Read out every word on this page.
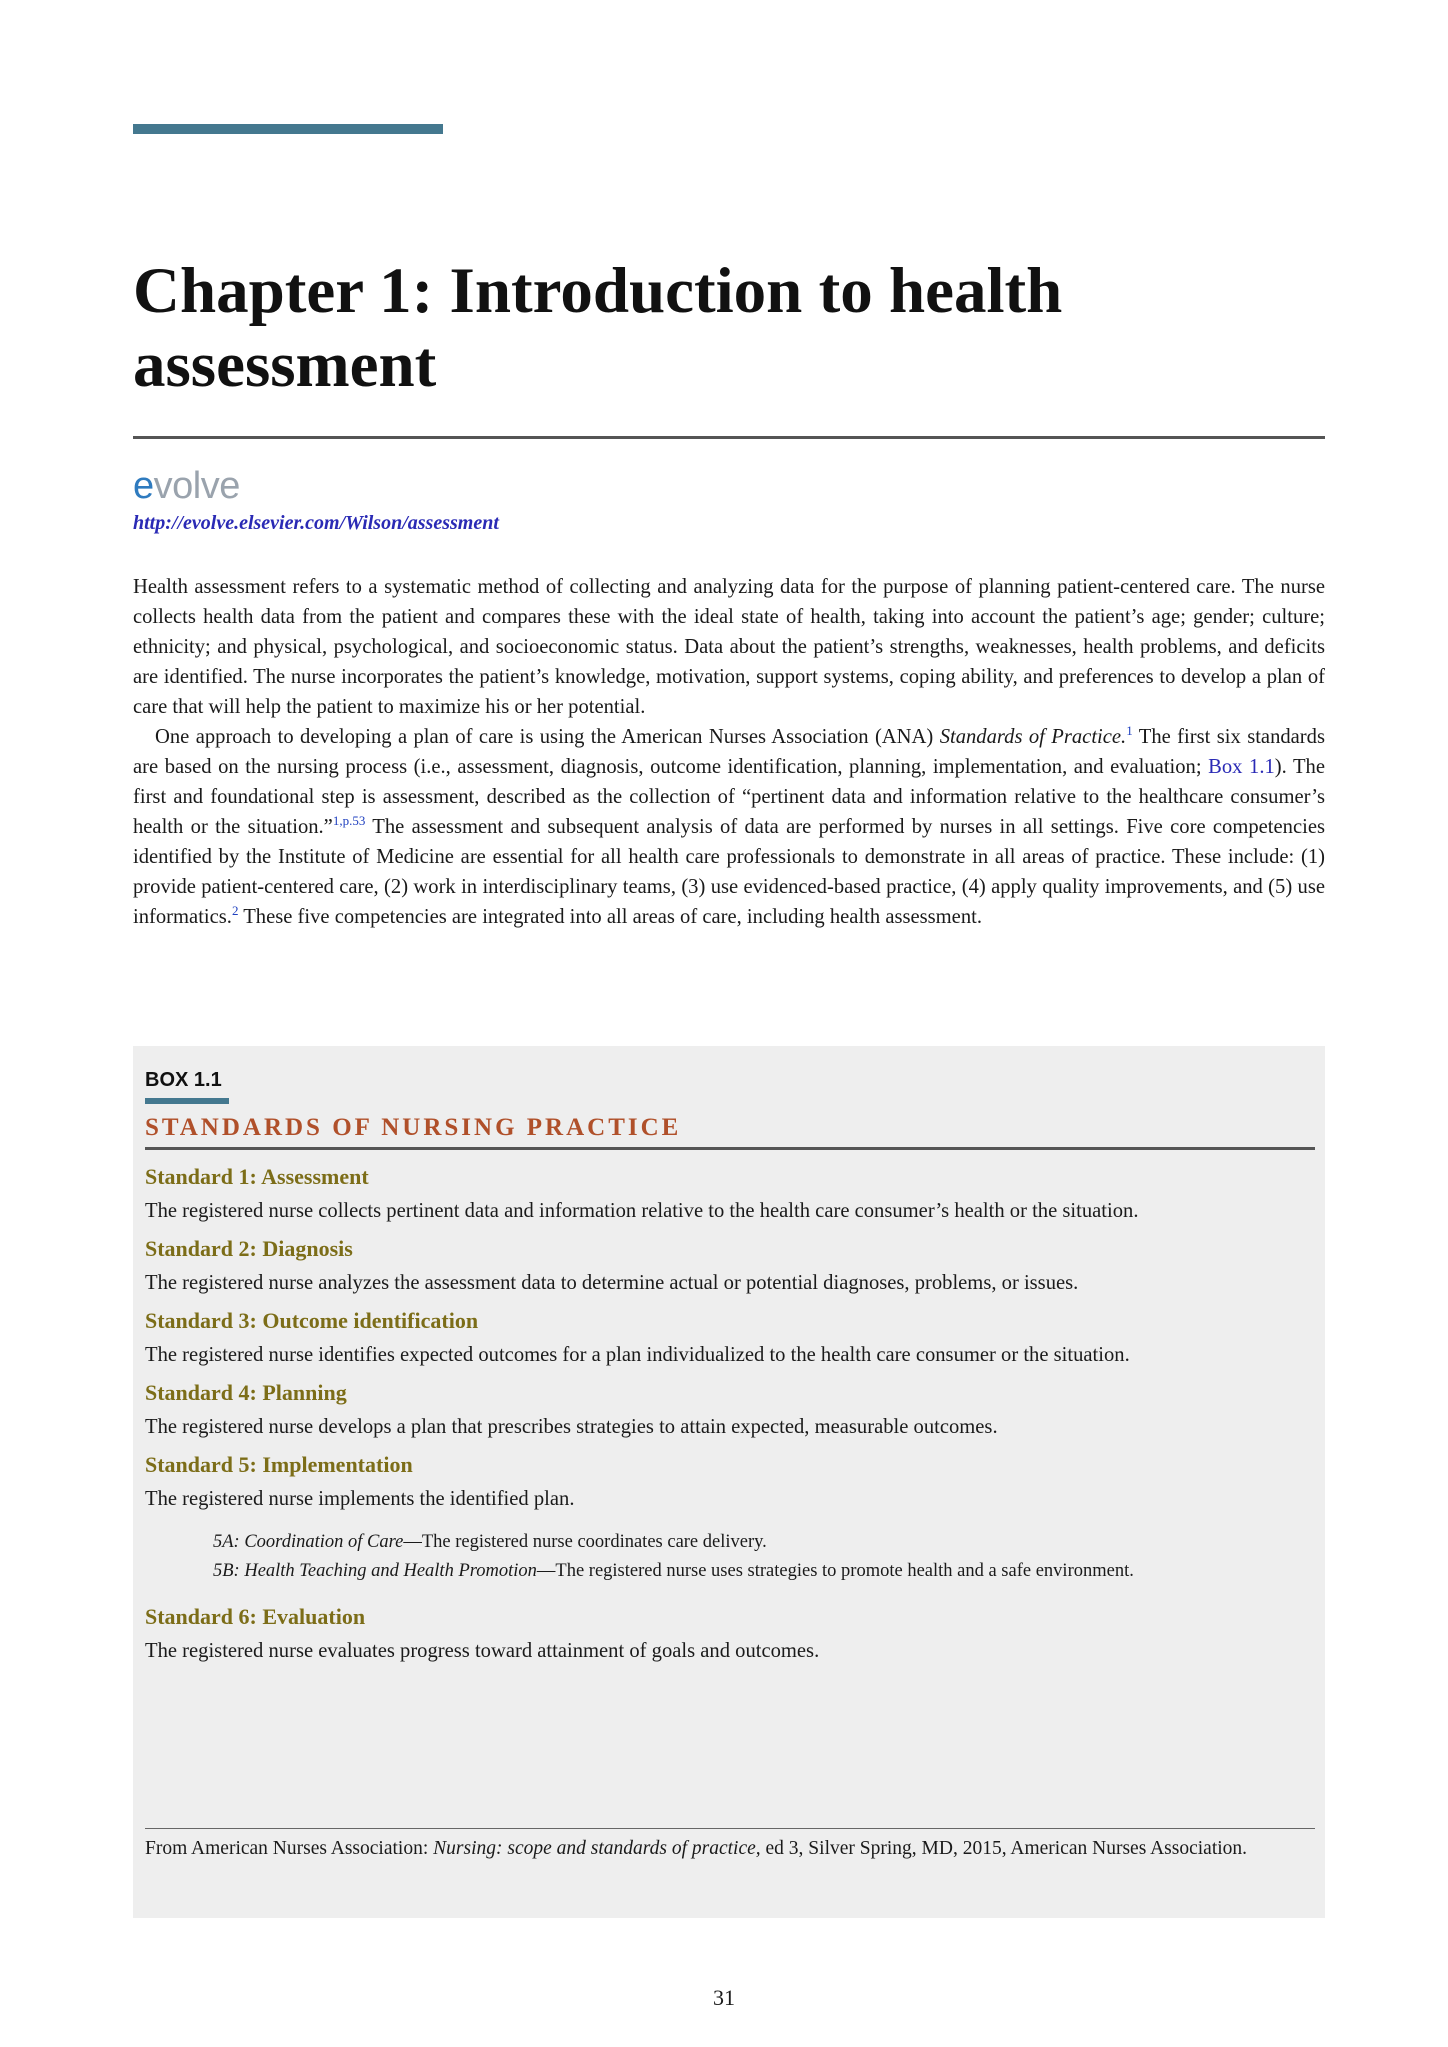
Chapter 1: Introduction to health assessment
evolve
http://evolve.elsevier.com/Wilson/assessment

Health assessment refers to a systematic method of collecting and analyzing data for the purpose of planning patient-centered care. The nurse collects health data from the patient and compares these with the ideal state of health, taking into account the patient’s age; gender; culture; ethnicity; and physical, psychological, and socioeconomic status. Data about the patient’s strengths, weaknesses, health problems, and deficits are identified. The nurse incorporates the patient’s knowledge, motivation, support systems, coping ability, and preferences to develop a plan of care that will help the patient to maximize his or her potential.

One approach to developing a plan of care is using the American Nurses Association (ANA) Standards of Practice.$^1$ The first six standards are based on the nursing process (i.e., assessment, diagnosis, outcome identification, planning, implementation, and evaluation; Box 1.1). The first and foundational step is assessment, described as the collection of “pertinent data and information relative to the healthcare consumer’s health or the situation.”$^{1,p.53}$ The assessment and subsequent analysis of data are performed by nurses in all settings. Five core competencies identified by the Institute of Medicine are essential for all health care professionals to demonstrate in all areas of practice. These include: (1) provide patient-centered care, (2) work in interdisciplinary teams, (3) use evidenced-based practice, (4) apply quality improvements, and (5) use informatics.$^2$ These five competencies are integrated into all areas of care, including health assessment.

BOX 1.1
STANDARDS OF NURSING PRACTICE

Standard 1: Assessment

The registered nurse collects pertinent data and information relative to the health care consumer’s health or the situation.

Standard 2: Diagnosis

The registered nurse analyzes the assessment data to determine actual or potential diagnoses, problems, or issues.

Standard 3: Outcome identification

The registered nurse identifies expected outcomes for a plan individualized to the health care consumer or the situation.

Standard 4: Planning

The registered nurse develops a plan that prescribes strategies to attain expected, measurable outcomes.

Standard 5: Implementation

The registered nurse implements the identified plan.

5A: Coordination of Care—The registered nurse coordinates care delivery.

5B: Health Teaching and Health Promotion—The registered nurse uses strategies to promote health and a safe environment.

Standard 6: Evaluation

The registered nurse evaluates progress toward attainment of goals and outcomes.

From American Nurses Association: Nursing: scope and standards of practice, ed 3, Silver Spring, MD, 2015, American Nurses Association.

31
